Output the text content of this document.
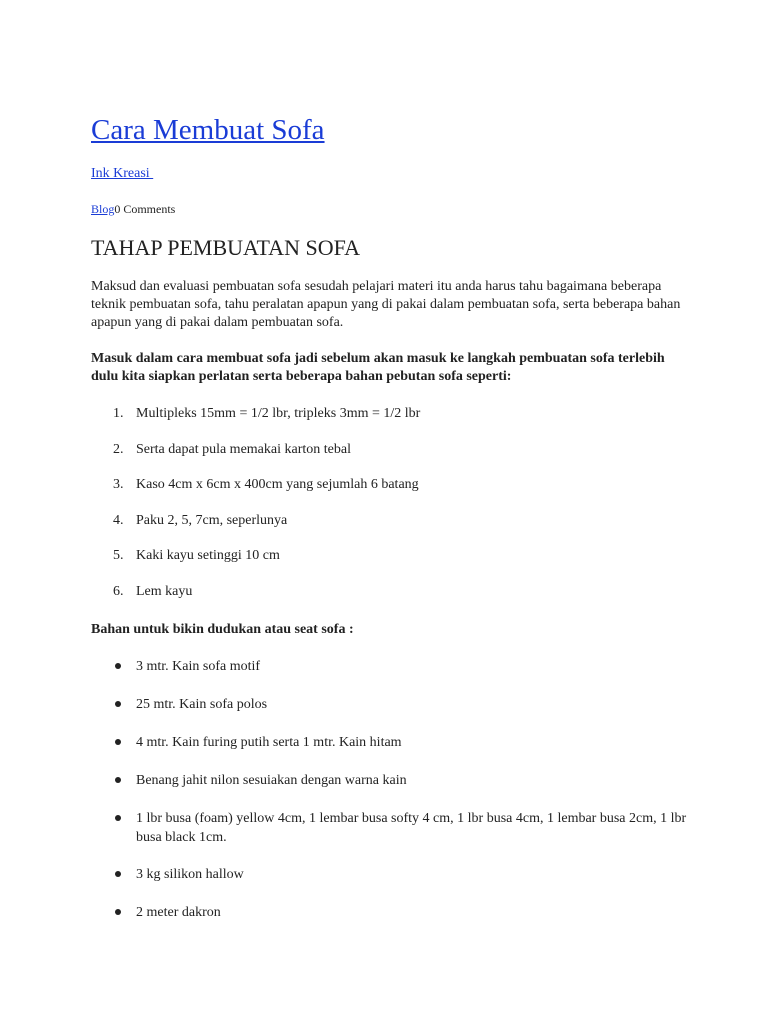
Cara Membuat Sofa
Ink Kreasi
Blog0 Comments
TAHAP PEMBUATAN SOFA

Maksud dan evaluasi pembuatan sofa sesudah pelajari materi itu anda harus tahu bagaimana beberapa teknik pembuatan sofa, tahu peralatan apapun yang di pakai dalam pembuatan sofa, serta beberapa bahan apapun yang di pakai dalam pembuatan sofa.

Masuk dalam cara membuat sofa jadi sebelum akan masuk ke langkah pembuatan sofa terlebih dulu kita siapkan perlatan serta beberapa bahan pebutan sofa seperti:

1. Multipleks 15mm = 1/2 lbr, tripleks 3mm = 1/2 lbr
2. Serta dapat pula memakai karton tebal
3. Kaso 4cm x 6cm x 400cm yang sejumlah 6 batang
4. Paku 2, 5, 7cm, seperlunya
5. Kaki kayu setinggi 10 cm
6. Lem kayu

Bahan untuk bikin dudukan atau seat sofa :

3 mtr. Kain sofa motif
25 mtr. Kain sofa polos
4 mtr. Kain furing putih serta 1 mtr. Kain hitam
Benang jahit nilon sesuiakan dengan warna kain
1 lbr busa (foam) yellow 4cm, 1 lembar busa softy 4 cm, 1 lbr busa 4cm, 1 lembar busa 2cm, 1 lbr busa black 1cm.
3 kg silikon hallow
2 meter dakron
